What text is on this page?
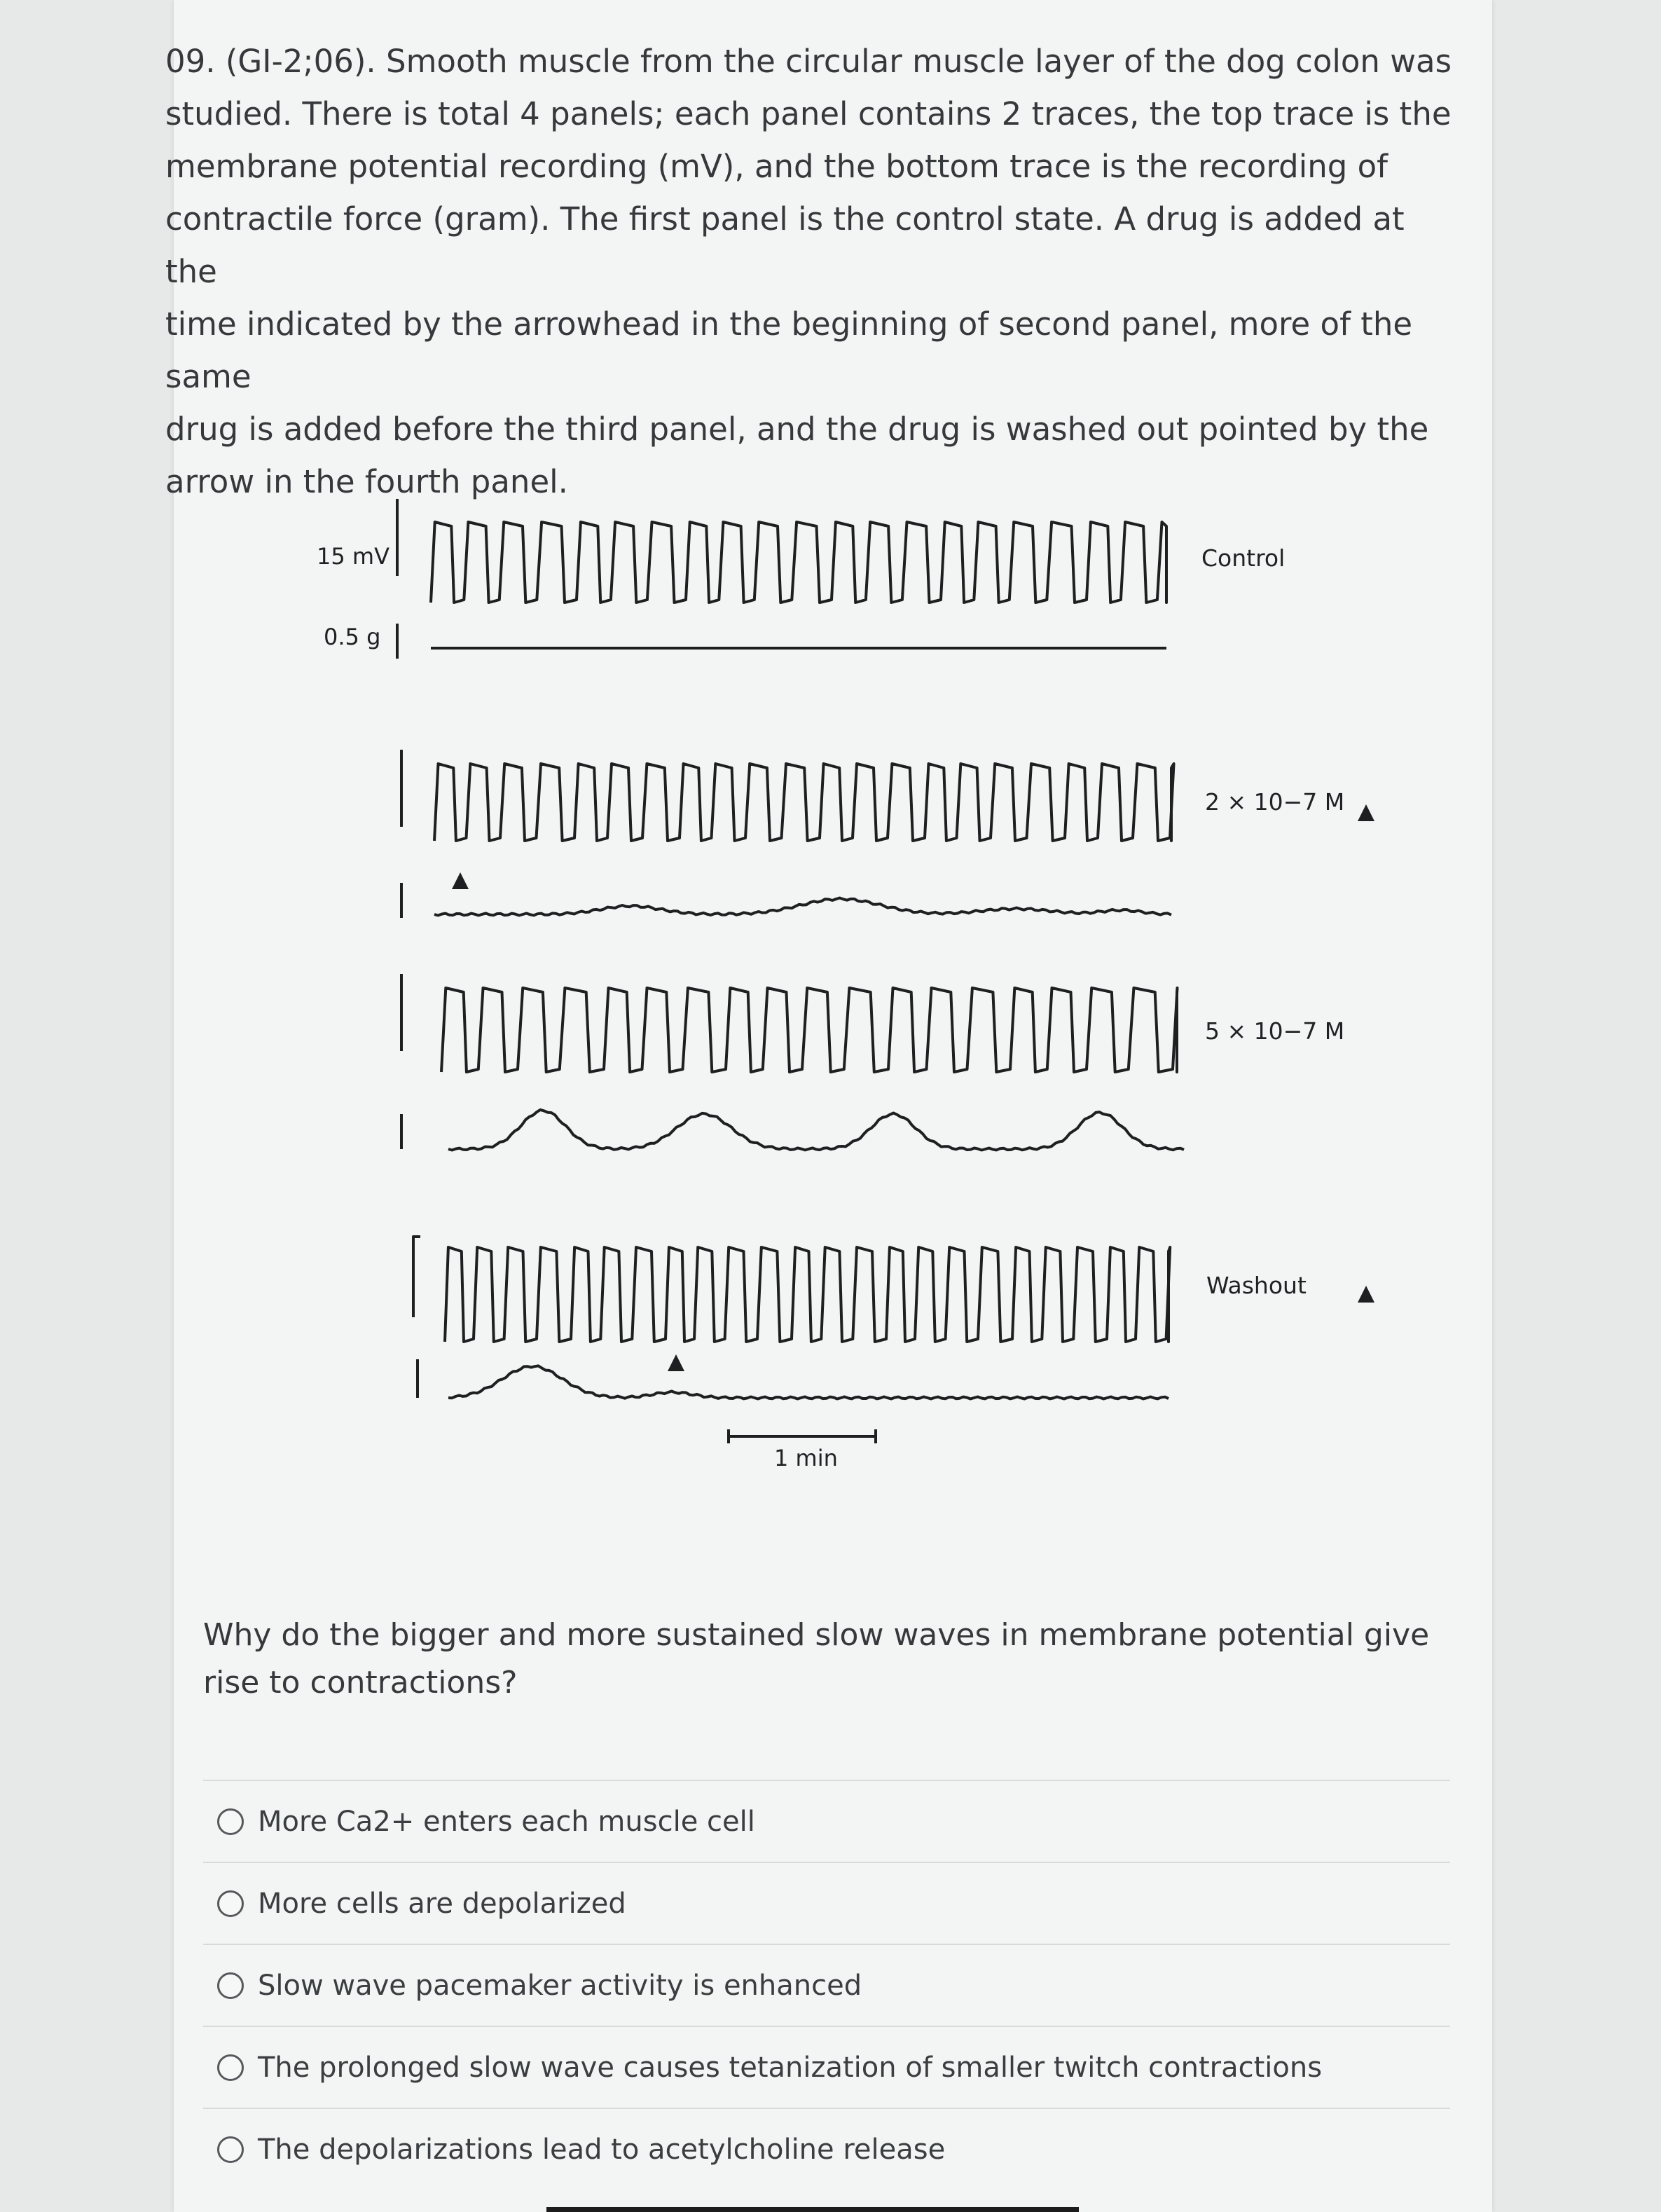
09. (GI-2;06). Smooth muscle from the circular muscle layer of the dog colon was
studied. There is total 4 panels; each panel contains 2 traces, the top trace is the
membrane potential recording (mV), and the bottom trace is the recording of
contractile force (gram). The first panel is the control state. A drug is added at the
time indicated by the arrowhead in the beginning of second panel, more of the same
drug is added before the third panel, and the drug is washed out pointed by the
arrow in the fourth panel.
15 mV
0.5 g
Control
2 × 10−7 M
5 × 10−7 M
Washout
1 min
Why do the bigger and more sustained slow waves in membrane potential give rise to contractions?
More Ca2+ enters each muscle cell
More cells are depolarized
Slow wave pacemaker activity is enhanced
The prolonged slow wave causes tetanization of smaller twitch contractions
The depolarizations lead to acetylcholine release
